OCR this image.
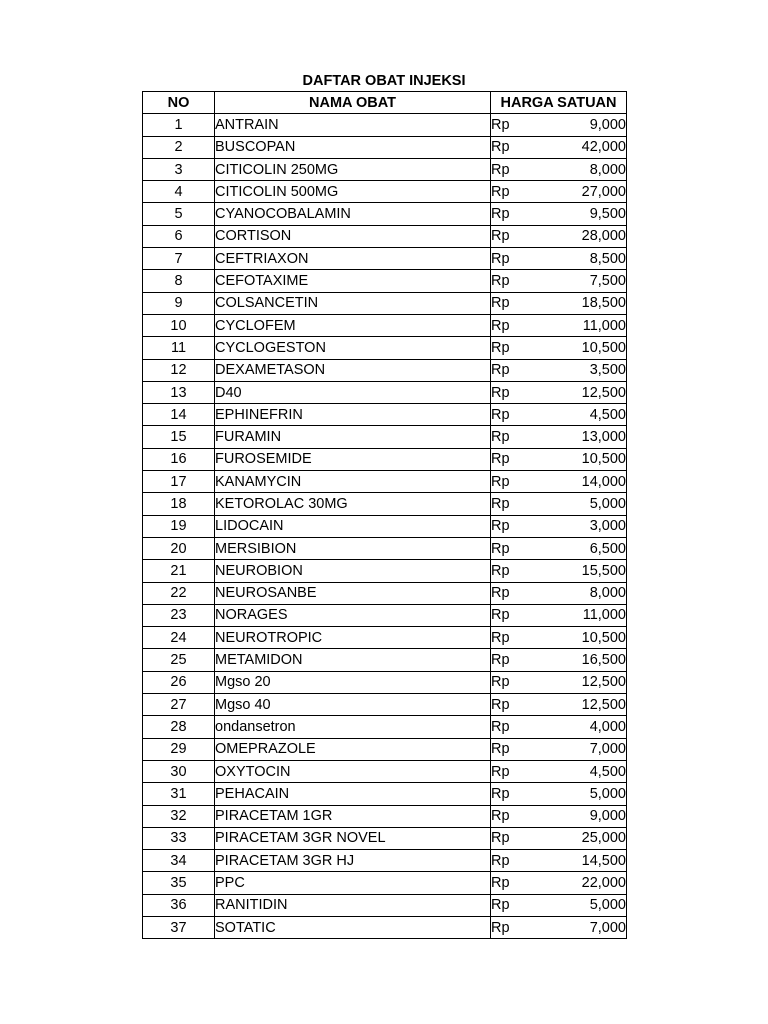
DAFTAR OBAT INJEKSI
NO	NAMA OBAT	HARGA SATUAN
1	ANTRAIN	Rp 9,000

2	BUSCOPAN	Rp 42,000

3	CITICOLIN 250MG	Rp 8,000

4	CITICOLIN 500MG	Rp 27,000

5	CYANOCOBALAMIN	Rp 9,500

6	CORTISON	Rp 28,000

7	CEFTRIAXON	Rp 8,500

8	CEFOTAXIME	Rp 7,500

9	COLSANCETIN	Rp 18,500

10	CYCLOFEM	Rp 11,000

11	CYCLOGESTON	Rp 10,500

12	DEXAMETASON	Rp 3,500

13	D40	Rp 12,500

14	EPHINEFRIN	Rp 4,500

15	FURAMIN	Rp 13,000

16	FUROSEMIDE	Rp 10,500

17	KANAMYCIN	Rp 14,000

18	KETOROLAC 30MG	Rp 5,000

19	LIDOCAIN	Rp 3,000

20	MERSIBION	Rp 6,500

21	NEUROBION	Rp 15,500

22	NEUROSANBE	Rp 8,000

23	NORAGES	Rp 11,000

24	NEUROTROPIC	Rp 10,500

25	METAMIDON	Rp 16,500

26	Mgso 20	Rp 12,500

27	Mgso 40	Rp 12,500

28	ondansetron	Rp 4,000

29	OMEPRAZOLE	Rp 7,000

30	OXYTOCIN	Rp 4,500

31	PEHACAIN	Rp 5,000

32	PIRACETAM 1GR	Rp 9,000

33	PIRACETAM 3GR NOVEL	Rp 25,000

34	PIRACETAM 3GR HJ	Rp 14,500

35	PPC	Rp 22,000

36	RANITIDIN	Rp 5,000

37	SOTATIC	Rp 7,000
